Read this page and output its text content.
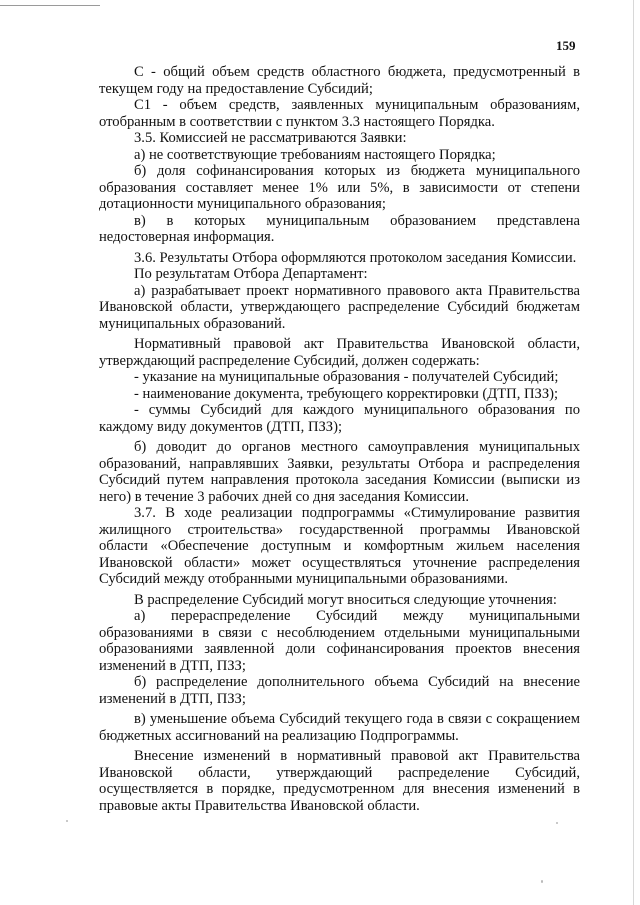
159

С - общий объем средств областного бюджета, предусмотренный в текущем году на предоставление Субсидий;

С1 - объем средств, заявленных муниципальным образованиям, отобранным в соответствии с пунктом 3.3 настоящего Порядка.

3.5. Комиссией не рассматриваются Заявки:

а) не соответствующие требованиям настоящего Порядка;

б) доля софинансирования которых из бюджета муниципального образования составляет менее 1% или 5%, в зависимости от степени дотационности муниципального образования;

в) в которых муниципальным образованием представлена недостоверная информация.

3.6. Результаты Отбора оформляются протоколом заседания Комиссии.

По результатам Отбора Департамент:

а) разрабатывает проект нормативного правового акта Правительства Ивановской области, утверждающего распределение Субсидий бюджетам муниципальных образований.

Нормативный правовой акт Правительства Ивановской области, утверждающий распределение Субсидий, должен содержать:

- указание на муниципальные образования - получателей Субсидий;

- наименование документа, требующего корректировки (ДТП, ПЗЗ);

- суммы Субсидий для каждого муниципального образования по каждому виду документов (ДТП, ПЗЗ);

б) доводит до органов местного самоуправления муниципальных образований, направлявших Заявки, результаты Отбора и распределения Субсидий путем направления протокола заседания Комиссии (выписки из него) в течение 3 рабочих дней со дня заседания Комиссии.

3.7. В ходе реализации подпрограммы «Стимулирование развития жилищного строительства» государственной программы Ивановской области «Обеспечение доступным и комфортным жильем населения Ивановской области» может осуществляться уточнение распределения Субсидий между отобранными муниципальными образованиями.

В распределение Субсидий могут вноситься следующие уточнения:

а) перераспределение Субсидий между муниципальными образованиями в связи с несоблюдением отдельными муниципальными образованиями заявленной доли софинансирования проектов внесения изменений в ДТП, ПЗЗ;

б) распределение дополнительного объема Субсидий на внесение изменений в ДТП, ПЗЗ;

в) уменьшение объема Субсидий текущего года в связи с сокращением бюджетных ассигнований на реализацию Подпрограммы.

Внесение изменений в нормативный правовой акт Правительства Ивановской области, утверждающий распределение Субсидий, осуществляется в порядке, предусмотренном для внесения изменений в правовые акты Правительства Ивановской области.
